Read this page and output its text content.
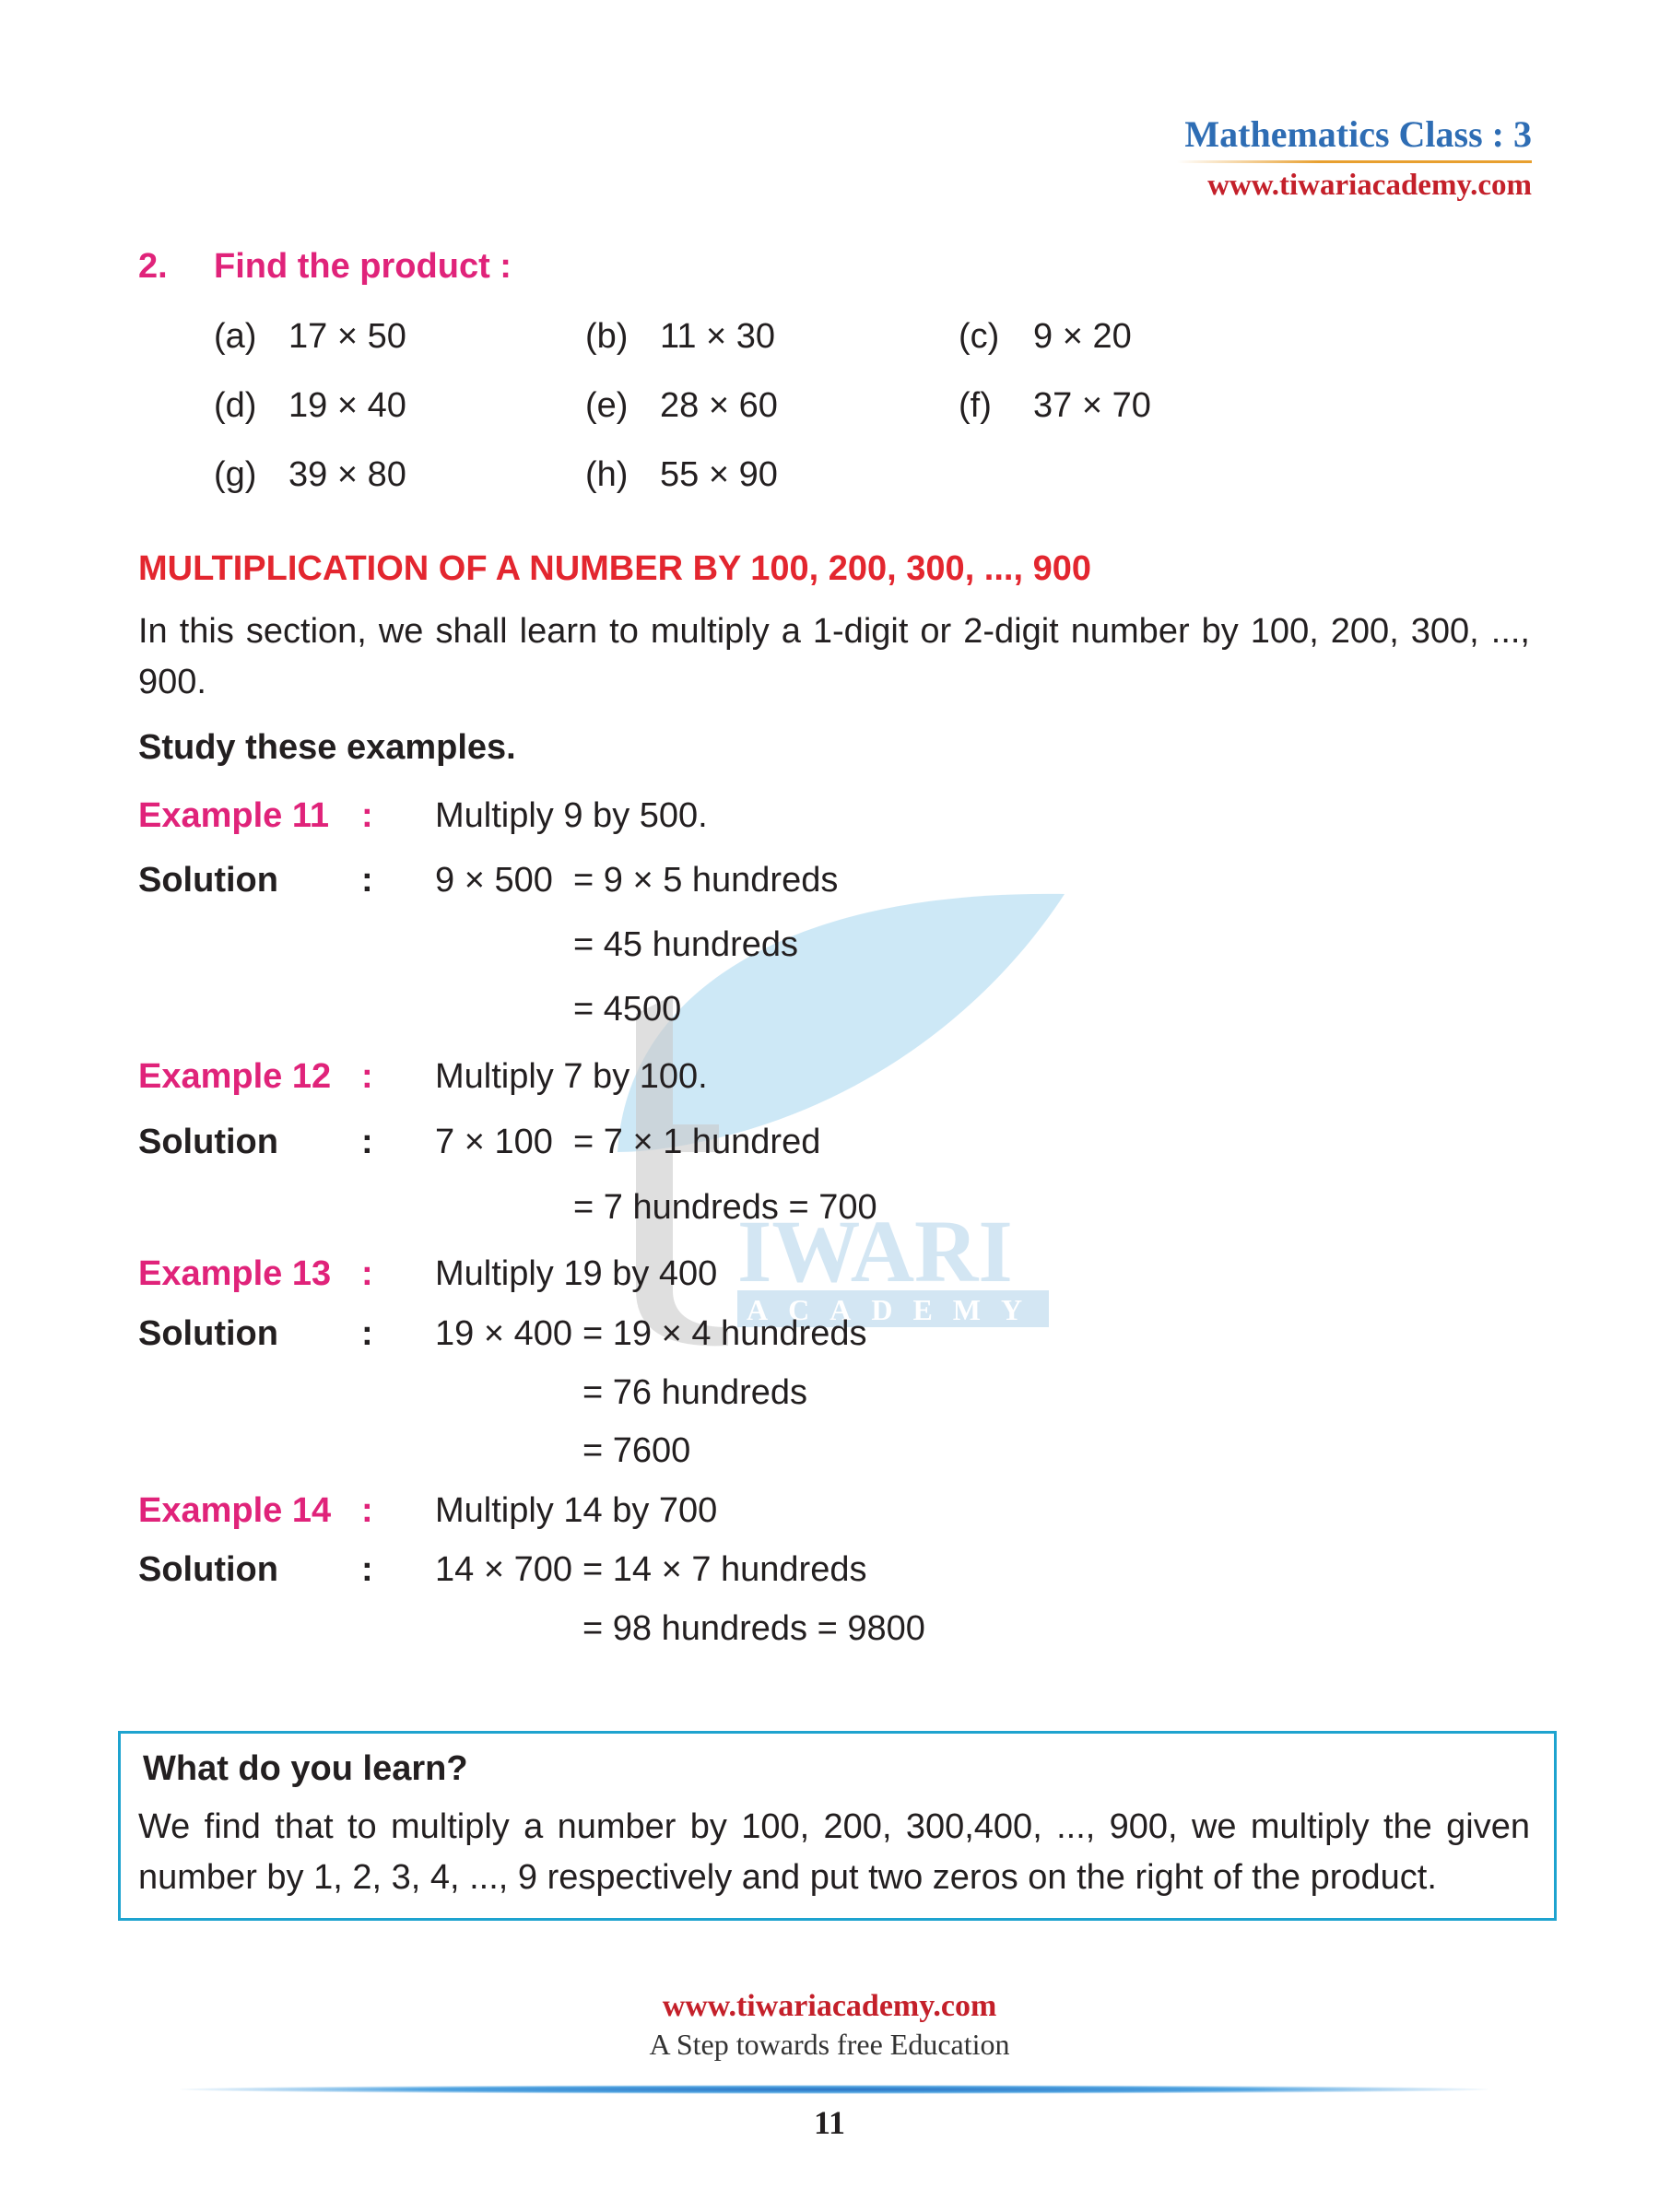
IWARI
ACADEMY
Mathematics Class : 3
www.tiwariacademy.com
2. Find the product :
(a) 17 × 50	(b) 11 × 30	(c) 9 × 20
(d) 19 × 40	(e) 28 × 60	(f) 37 × 70
(g) 39 × 80	(h) 55 × 90
MULTIPLICATION OF A NUMBER BY 100, 200, 300, ..., 900
In this section, we shall learn to multiply a 1-digit or 2-digit number by 100, 200, 300, ..., 900.
Study these examples.
Example 11 : Multiply 9 by 500.
Solution : 9 × 500 = 9 × 5 hundreds
= 45 hundreds
= 4500
Example 12 : Multiply 7 by 100.
Solution : 7 × 100 = 7 × 1 hundred
= 7 hundreds = 700
Example 13 : Multiply 19 by 400
Solution : 19 × 400 = 19 × 4 hundreds
= 76 hundreds
= 7600
Example 14 : Multiply 14 by 700
Solution : 14 × 700 = 14 × 7 hundreds
= 98 hundreds = 9800
What do you learn?
We find that to multiply a number by 100, 200, 300,400, ..., 900, we multiply the given number by 1, 2, 3, 4, ..., 9 respectively and put two zeros on the right of the product.
www.tiwariacademy.com
A Step towards free Education
11
